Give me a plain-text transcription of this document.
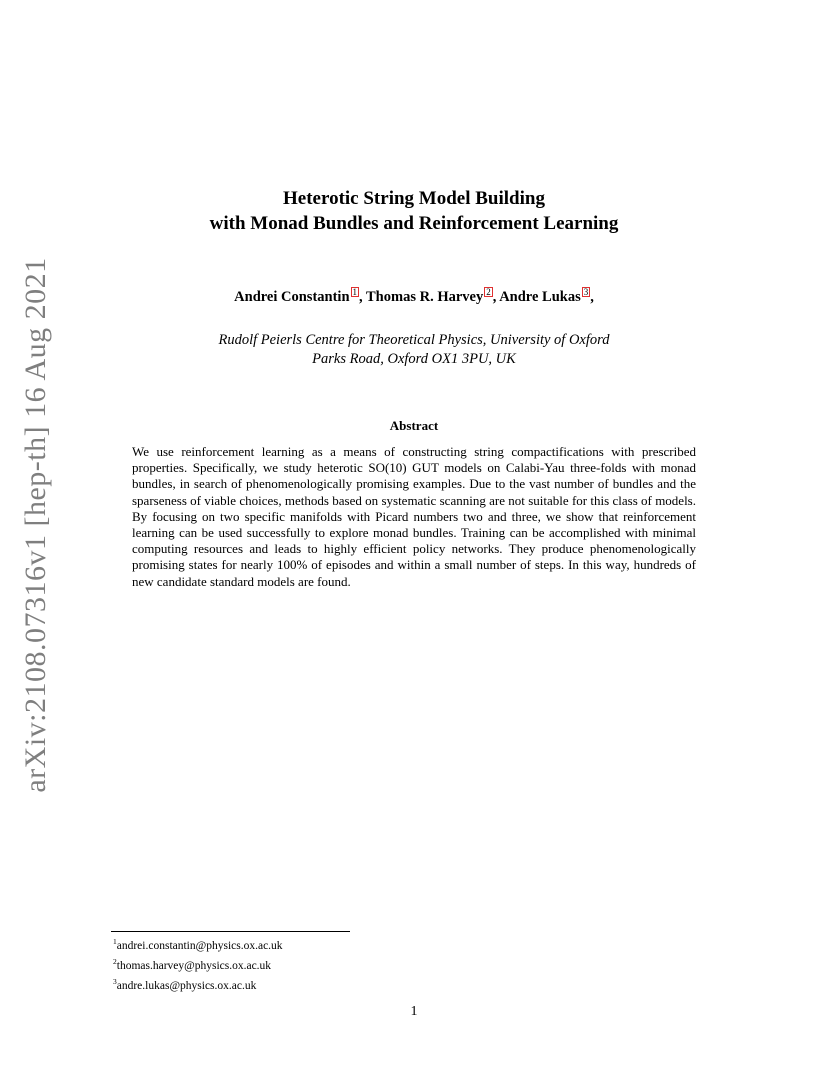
arXiv:2108.07316v1 [hep-th] 16 Aug 2021
Heterotic String Model Building
with Monad Bundles and Reinforcement Learning
Andrei Constantin 1 , Thomas R. Harvey 2 , Andre Lukas 3 ,
Rudolf Peierls Centre for Theoretical Physics, University of Oxford
Parks Road, Oxford OX1 3PU, UK
Abstract

We use reinforcement learning as a means of constructing string compactifications with prescribed properties. Specifically, we study heterotic SO(10) GUT models on Calabi-Yau three-folds with monad bundles, in search of phenomenologically promising examples. Due to the vast number of bundles and the sparseness of viable choices, methods based on systematic scanning are not suitable for this class of models. By focusing on two specific manifolds with Picard numbers two and three, we show that reinforcement learning can be used successfully to explore monad bundles. Training can be accomplished with minimal computing resources and leads to highly efficient policy networks. They produce phenomenologically promising states for nearly 100% of episodes and within a small number of steps. In this way, hundreds of new candidate standard models are found.

$^1$andrei.constantin@physics.ox.ac.uk
$^2$thomas.harvey@physics.ox.ac.uk
$^3$andre.lukas@physics.ox.ac.uk
1
